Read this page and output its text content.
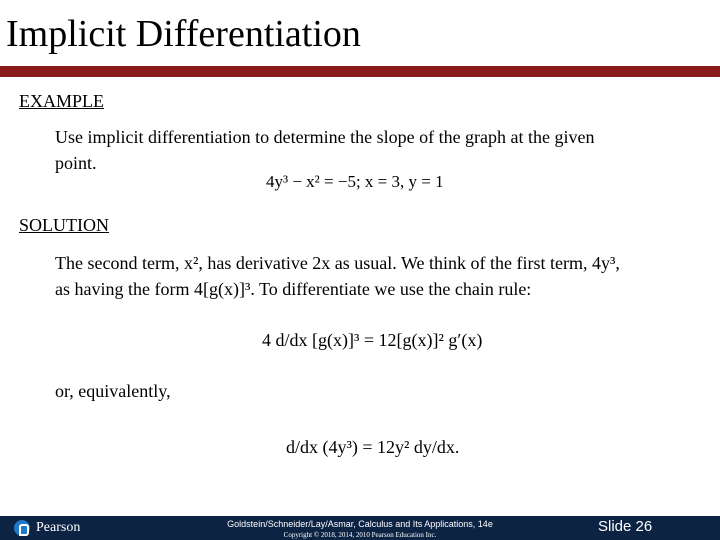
Implicit Differentiation
EXAMPLE
Use implicit differentiation to determine the slope of the graph at the given
point.
4y³ − x² = −5; x = 3, y = 1
SOLUTION
The second term, x², has derivative 2x as usual. We think of the first term, 4y³,
as having the form 4[g(x)]³. To differentiate we use the chain rule:
4 d/dx [g(x)]³ = 12[g(x)]² g′(x)
or, equivalently,
d/dx (4y³) = 12y² dy/dx.
Pearson	Goldstein/Schneider/Lay/Asmar, Calculus and Its Applications, 14e
Copyright © 2018, 2014, 2010 Pearson Education Inc.	Slide 26
